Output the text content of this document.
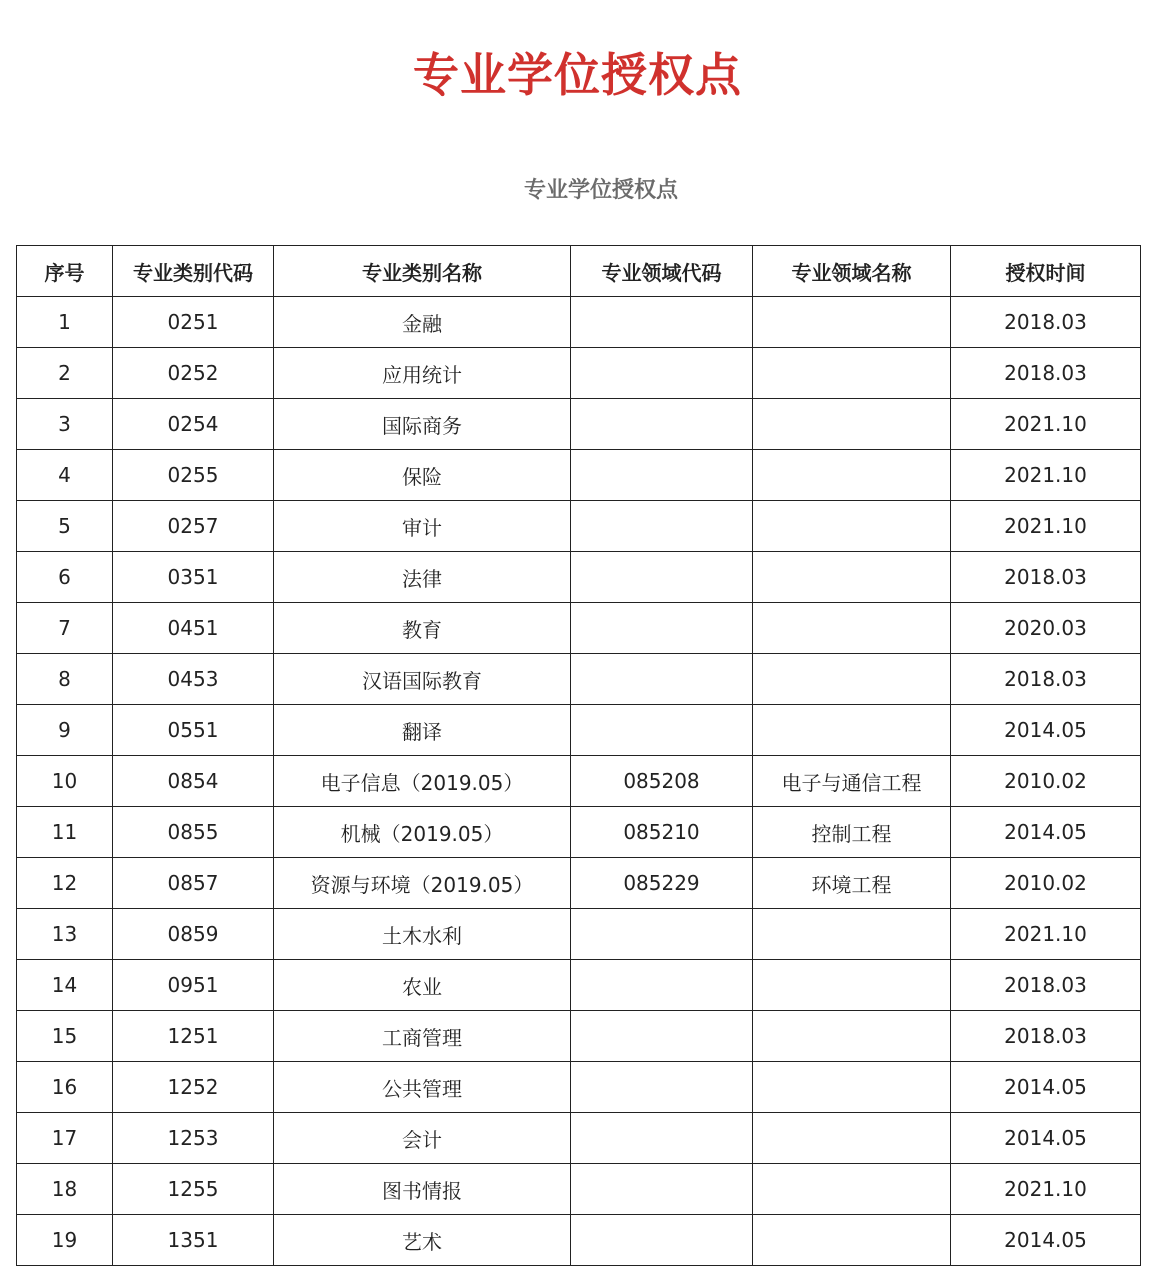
专业学位授权点
专业学位授权点
序号	专业类别代码	专业类别名称	专业领域代码	专业领域名称	授权时间
1	0251	金融			2018.03
2	0252	应用统计			2018.03
3	0254	国际商务			2021.10
4	0255	保险			2021.10
5	0257	审计			2021.10
6	0351	法律			2018.03
7	0451	教育			2020.03
8	0453	汉语国际教育			2018.03
9	0551	翻译			2014.05
10	0854	电子信息（2019.05）	085208	电子与通信工程	2010.02
11	0855	机械（2019.05）	085210	控制工程	2014.05
12	0857	资源与环境（2019.05）	085229	环境工程	2010.02
13	0859	土木水利			2021.10
14	0951	农业			2018.03
15	1251	工商管理			2018.03
16	1252	公共管理			2014.05
17	1253	会计			2014.05
18	1255	图书情报			2021.10
19	1351	艺术			2014.05
